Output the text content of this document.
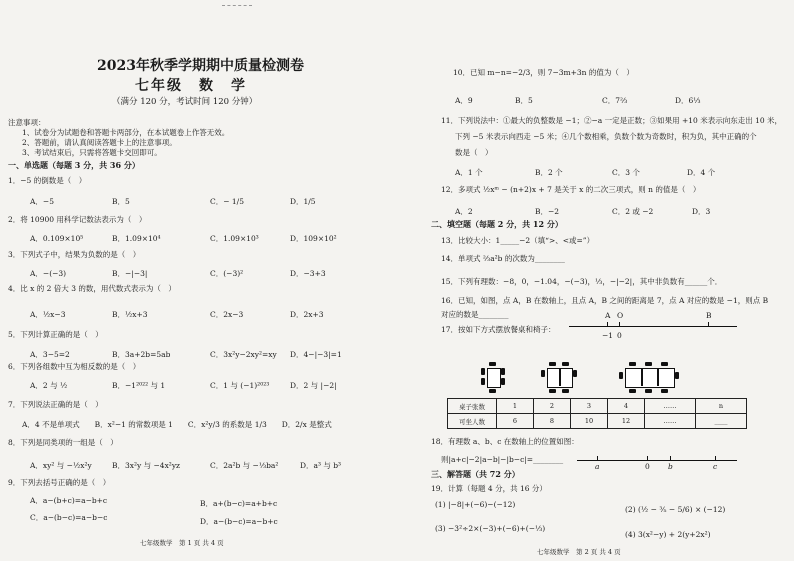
2023年秋季学期期中质量检测卷
七年级　数　学
（满分 120 分，考试时间 120 分钟）
注意事项：
1、试卷分为试题卷和答题卡两部分，在本试题卷上作答无效。
2、答题前，请认真阅读答题卡上的注意事项。
3、考试结束后，只需将答题卡交回即可。
一、单选题（每题 3 分，共 36 分）
1．−5 的倒数是（　）
A．−5	B．5	C．− 1/5	D．1/5
2．将 10900 用科学记数法表示为（　）
A．0.109×10⁵	B．1.09×10⁴	C．1.09×10³	D．109×10²
3．下列式子中，结果为负数的是（　）
A．−(−3)	B．−|−3|	C．(−3)²	D．−3+3
4．比 x 的 2 倍大 3 的数，用代数式表示为（　）
A．½x−3	B．½x+3	C．2x−3	D．2x+3
5．下列计算正确的是（　）
A．3−5=2	B．3a+2b=5ab	C．3x²y−2xy²=xy D．4−|−3|=1
6．下列各组数中互为相反数的是（　）
A．2 与 ½	B．−1²⁰²² 与 1	C．1 与 (−1)²⁰²³	D．2 与 |−2|
7．下列说法正确的是（　）
A．4 不是单项式　　B．x²−1 的常数项是 1　　C．x²y/3 的系数是 1/3　　D．2/x 是整式
8．下列是同类项的一组是（　）
A．xy² 与 −½x²y	B．3x²y 与 −4x²yz	C．2a²b 与 −⅓ba²	D．a³ 与 b³
9．下列去括号正确的是（　）
A．a−(b+c)=a−b+c	B．a+(b−c)=a+b+c
C．a−(b−c)=a−b−c	D．a−(b−c)=a−b+c
七年级数学　第 1 页 共 4 页
10．已知 m−n=−2/3，则 7−3m+3n 的值为（　）
A．9	B．5	C．7⅔	D．6⅓
11．下列说法中：①最大的负整数是 −1；②−a 一定是正数；③如果用 +10 米表示向东走出 10 米，
下列 −5 米表示向西走 −5 米；④几个数相乘，负数个数为奇数时，积为负，其中正确的个
数是（　）
A．1 个	B．2 个	C．3 个	D．4 个
12．多项式 ½xᵐ − (n+2)x + 7 是关于 x 的二次三项式，则 n 的值是（　）
A．2	B．−2	C．2 或 −2	D．3
二、填空题（每题 2 分，共 12 分）
13．比较大小：1_____−2（填“>、<或=”）
14．单项式 ⅔a²b 的次数为________
15．下列有理数：−8，0，−1.04，−(−3)，⅓，−|−2|，其中非负数有______个．
16．已知，如图，点 A，B 在数轴上，且点 A，B 之间的距离是 7，点 A 对应的数是 −1，则点 B
对应的数是________
17．按如下方式摆放餐桌和椅子：
A O	B
−1 0
桌子张数	1	2	3	4	……	n
可坐人数	6	8	10	12	……	____
18．有理数 a、b、c 在数轴上的位置如图：
则|a+c|−2|a−b|−|b−c|=________
a	0 b	c
三、解答题（共 72 分）
19．计算（每题 4 分，共 16 分）
(1) |−8|+(−6)−(−12)
(2) (½ − ⅗ − 5/6) × (−12)
(3) −3²÷2×(−3)+(−6)+(−⅓)
(4) 3(x²−y) + 2(y+2x²)
七年级数学　第 2 页 共 4 页
